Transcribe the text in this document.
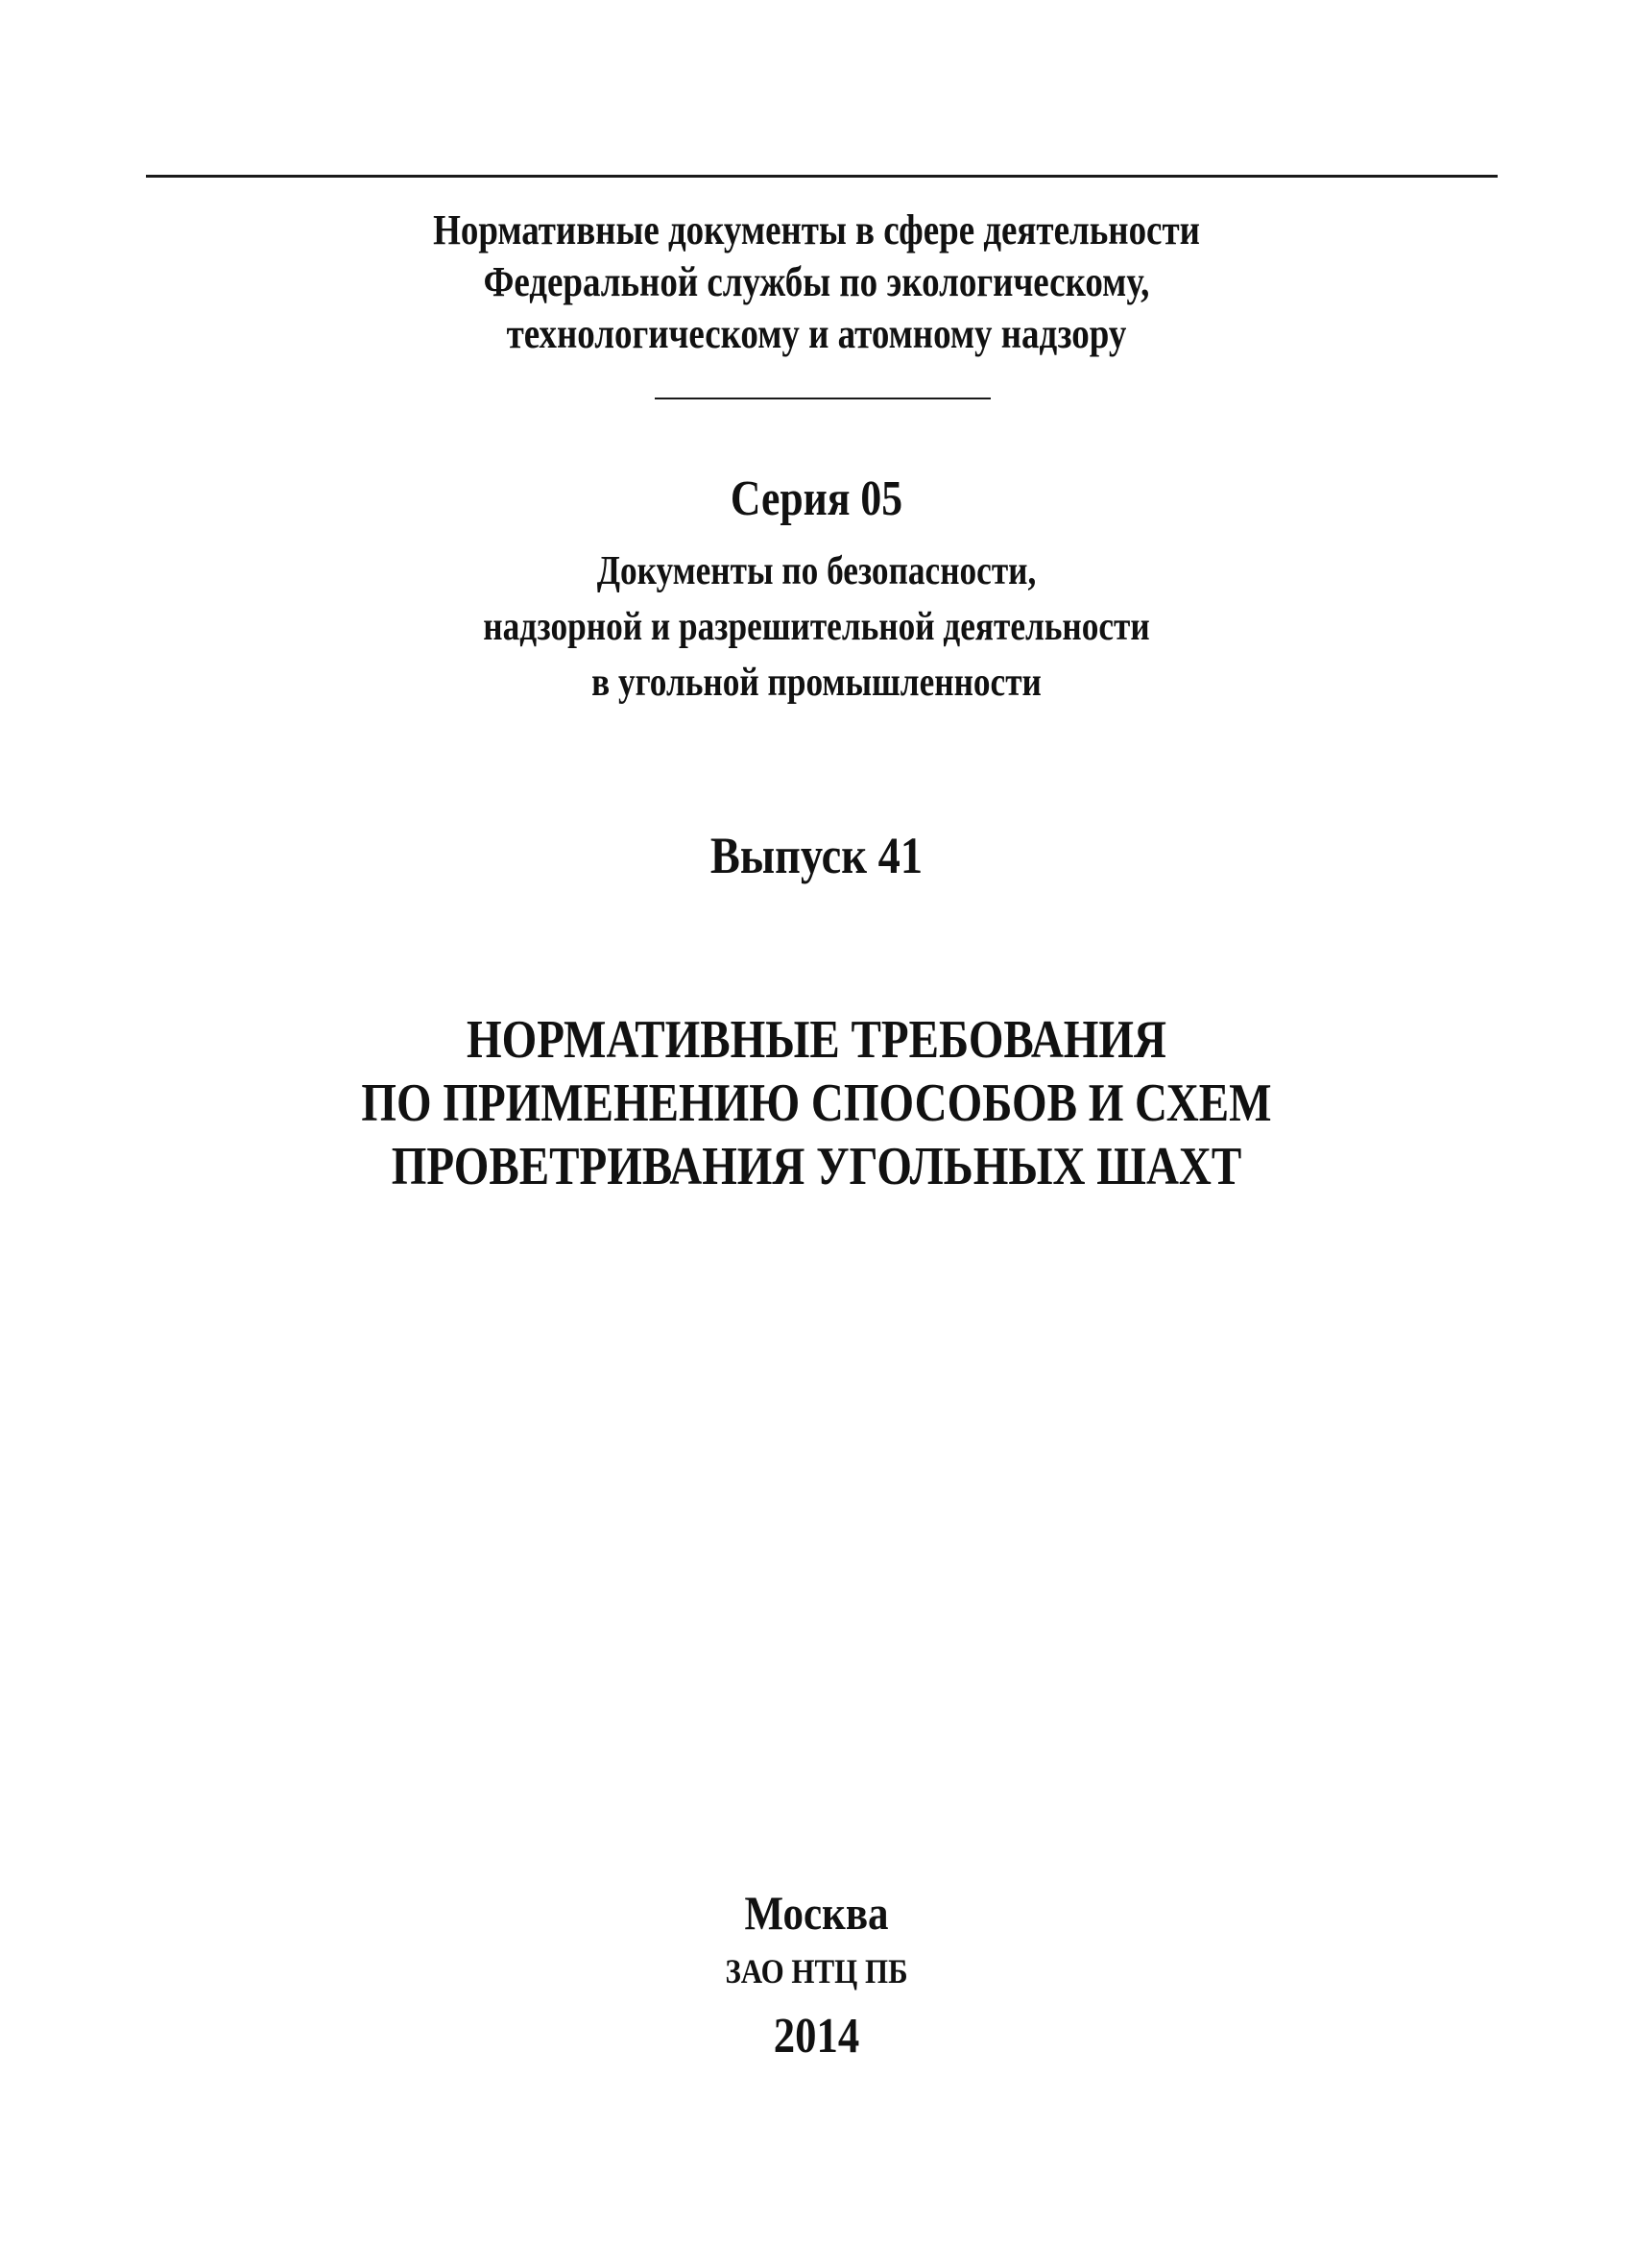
Нормативные документы в сфере деятельности
Федеральной службы по экологическому,
технологическому и атомному надзору
Серия 05
Документы по безопасности,
надзорной и разрешительной деятельности
в угольной промышленности
Выпуск 41
НОРМАТИВНЫЕ ТРЕБОВАНИЯ
ПО ПРИМЕНЕНИЮ СПОСОБОВ И СХЕМ
ПРОВЕТРИВАНИЯ УГОЛЬНЫХ ШАХТ
Москва
ЗАО НТЦ ПБ
2014
